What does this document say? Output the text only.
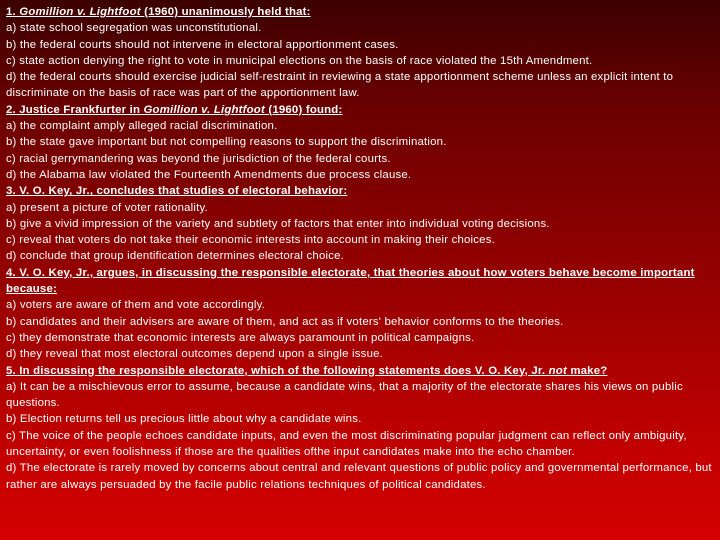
1. Gomillion v. Lightfoot (1960) unanimously held that:

a) state school segregation was unconstitutional.

b) the federal courts should not intervene in electoral apportionment cases.

c) state action denying the right to vote in municipal elections on the basis of race violated the 15th Amendment.

d) the federal courts should exercise judicial self-restraint in reviewing a state apportionment scheme unless an explicit intent to discriminate on the basis of race was part of the apportionment law.

2. Justice Frankfurter in Gomillion v. Lightfoot (1960) found:

a) the complaint amply alleged racial discrimination.

b) the state gave important but not compelling reasons to support the discrimination.

c) racial gerrymandering was beyond the jurisdiction of the federal courts.

d) the Alabama law violated the Fourteenth Amendments due process clause.

3. V. O. Key, Jr., concludes that studies of electoral behavior:

a) present a picture of voter rationality.

b) give a vivid impression of the variety and subtlety of factors that enter into individual voting decisions.

c) reveal that voters do not take their economic interests into account in making their choices.

d) conclude that group identification determines electoral choice.

4. V. O. Key, Jr., argues, in discussing the responsible electorate, that theories about how voters behave become important because:

a) voters are aware of them and vote accordingly.

b) candidates and their advisers are aware of them, and act as if voters' behavior conforms to the theories.

c) they demonstrate that economic interests are always paramount in political campaigns.

d) they reveal that most electoral outcomes depend upon a single issue.

5. In discussing the responsible electorate, which of the following statements does V. O. Key, Jr. not make?

a) It can be a mischievous error to assume, because a candidate wins, that a majority of the electorate shares his views on public questions.

b) Election returns tell us precious little about why a candidate wins.

c) The voice of the people echoes candidate inputs, and even the most discriminating popular judgment can reflect only ambiguity, uncertainty, or even foolishness if those are the qualities ofthe input candidates make into the echo chamber.

d) The electorate is rarely moved by concerns about central and relevant questions of public policy and governmental performance, but rather are always persuaded by the facile public relations techniques of political candidates.
